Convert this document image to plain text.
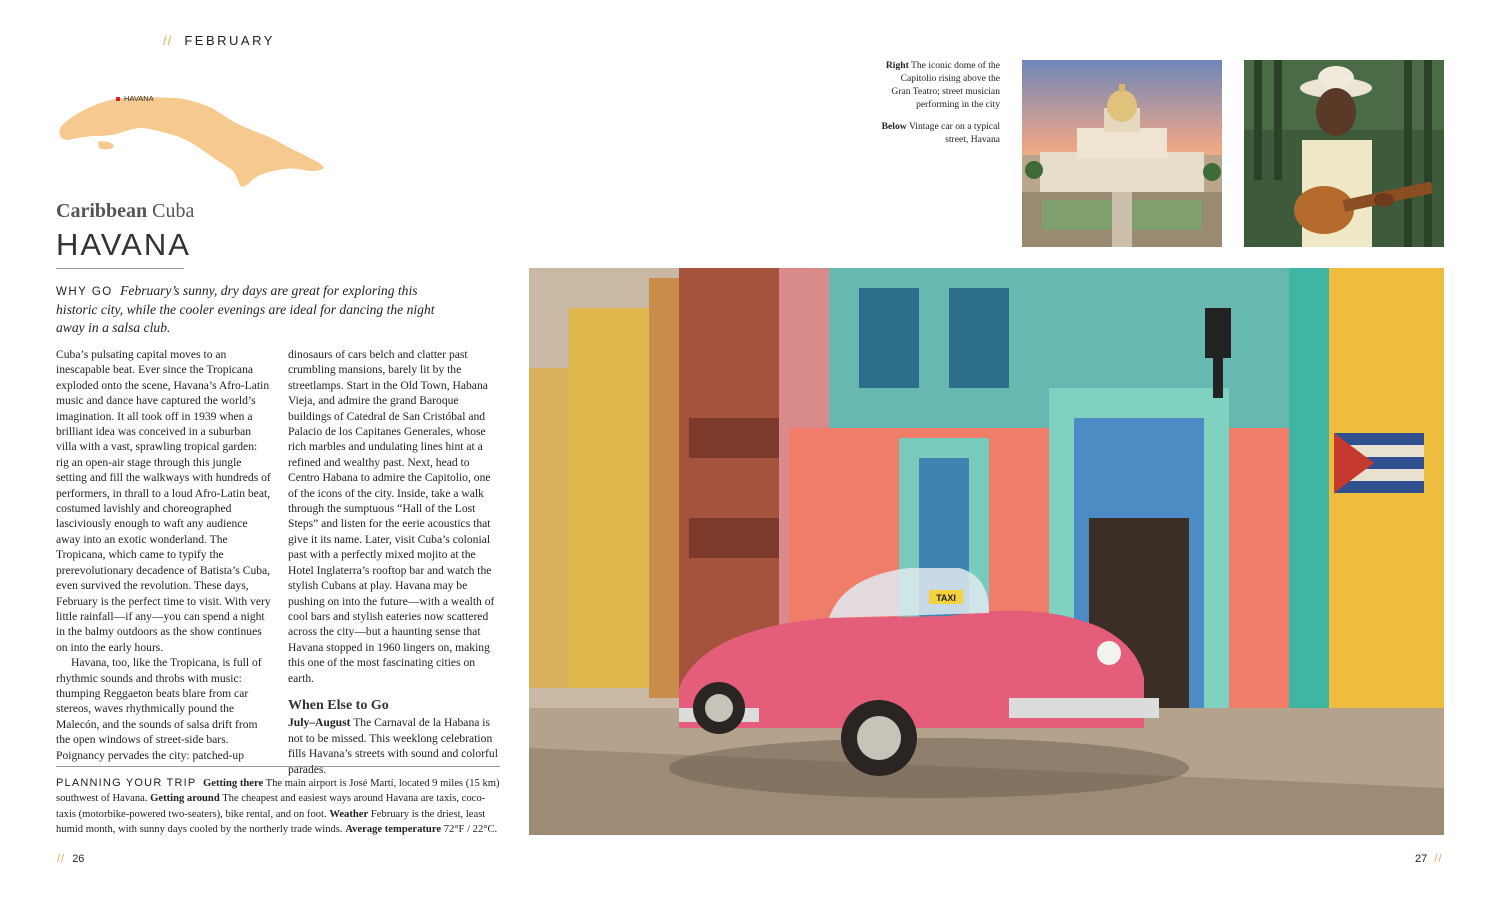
// FEBRUARY
HAVANA
Caribbean Cuba
HAVANA
WHY GO February’s sunny, dry days are great for exploring this historic city, while the cooler evenings are ideal for dancing the night away in a salsa club.

Cuba’s pulsating capital moves to an inescapable beat. Ever since the Tropicana exploded onto the scene, Havana’s Afro-Latin music and dance have captured the world’s imagination. It all took off in 1939 when a brilliant idea was conceived in a suburban villa with a vast, sprawling tropical garden: rig an open-air stage through this jungle setting and fill the walkways with hundreds of performers, in thrall to a loud Afro-Latin beat, costumed lavishly and choreographed lasciviously enough to waft any audience away into an exotic wonderland. The Tropicana, which came to typify the prerevolutionary decadence of Batista’s Cuba, even survived the revolution. These days, February is the perfect time to visit. With very little rainfall—if any—you can spend a night in the balmy outdoors as the show continues on into the early hours.

Havana, too, like the Tropicana, is full of rhythmic sounds and throbs with music: thumping Reggaeton beats blare from car stereos, waves rhythmically pound the Malecón, and the sounds of salsa drift from the open windows of street-side bars. Poignancy pervades the city: patched-up

dinosaurs of cars belch and clatter past crumbling mansions, barely lit by the streetlamps. Start in the Old Town, Habana Vieja, and admire the grand Baroque buildings of Catedral de San Cristóbal and Palacio de los Capitanes Generales, whose rich marbles and undulating lines hint at a refined and wealthy past. Next, head to Centro Habana to admire the Capitolio, one of the icons of the city. Inside, take a walk through the sumptuous “Hall of the Lost Steps” and listen for the eerie acoustics that give it its name. Later, visit Cuba’s colonial past with a perfectly mixed mojito at the Hotel Inglaterra’s rooftop bar and watch the stylish Cubans at play. Havana may be pushing on into the future—with a wealth of cool bars and stylish eateries now scattered across the city—but a haunting sense that Havana stopped in 1960 lingers on, making this one of the most fascinating cities on earth.

When Else to Go

July–August The Carnaval de la Habana is not to be missed. This weeklong celebration fills Havana’s streets with sound and colorful parades.

PLANNING YOUR TRIP Getting there The main airport is José Martí, located 9 miles (15 km) southwest of Havana. Getting around The cheapest and easiest ways around Havana are taxis, coco-taxis (motorbike-powered two-seaters), bike rental, and on foot. Weather February is the driest, least humid month, with sunny days cooled by the northerly trade winds. Average temperature 72°F / 22°C.
// 26	27 //

Right The iconic dome of the Capitolio rising above the Gran Teatro; street musician performing in the city

Below Vintage car on a typical street, Havana

TAXI
